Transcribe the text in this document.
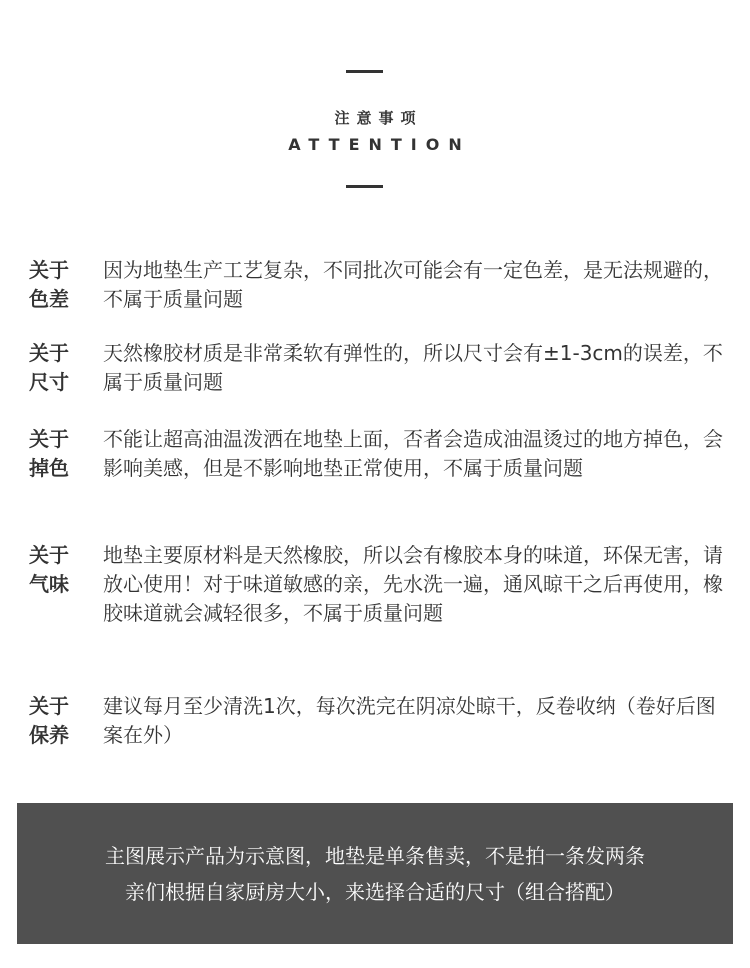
注意事项
ATTENTION
关于
色差
因为地垫生产工艺复杂，不同批次可能会有一定色差，是无法规避的，不属于质量问题
关于
尺寸
天然橡胶材质是非常柔软有弹性的，所以尺寸会有±1-3cm的误差，不属于质量问题
关于
掉色
不能让超高油温泼洒在地垫上面，否者会造成油温烫过的地方掉色，会影响美感，但是不影响地垫正常使用，不属于质量问题
关于
气味
地垫主要原材料是天然橡胶，所以会有橡胶本身的味道，环保无害，请放心使用！对于味道敏感的亲，先水洗一遍，通风晾干之后再使用，橡胶味道就会减轻很多，不属于质量问题
关于
保养
建议每月至少清洗1次，每次洗完在阴凉处晾干，反卷收纳（卷好后图案在外）
主图展示产品为示意图，地垫是单条售卖，不是拍一条发两条
亲们根据自家厨房大小，来选择合适的尺寸（组合搭配）
